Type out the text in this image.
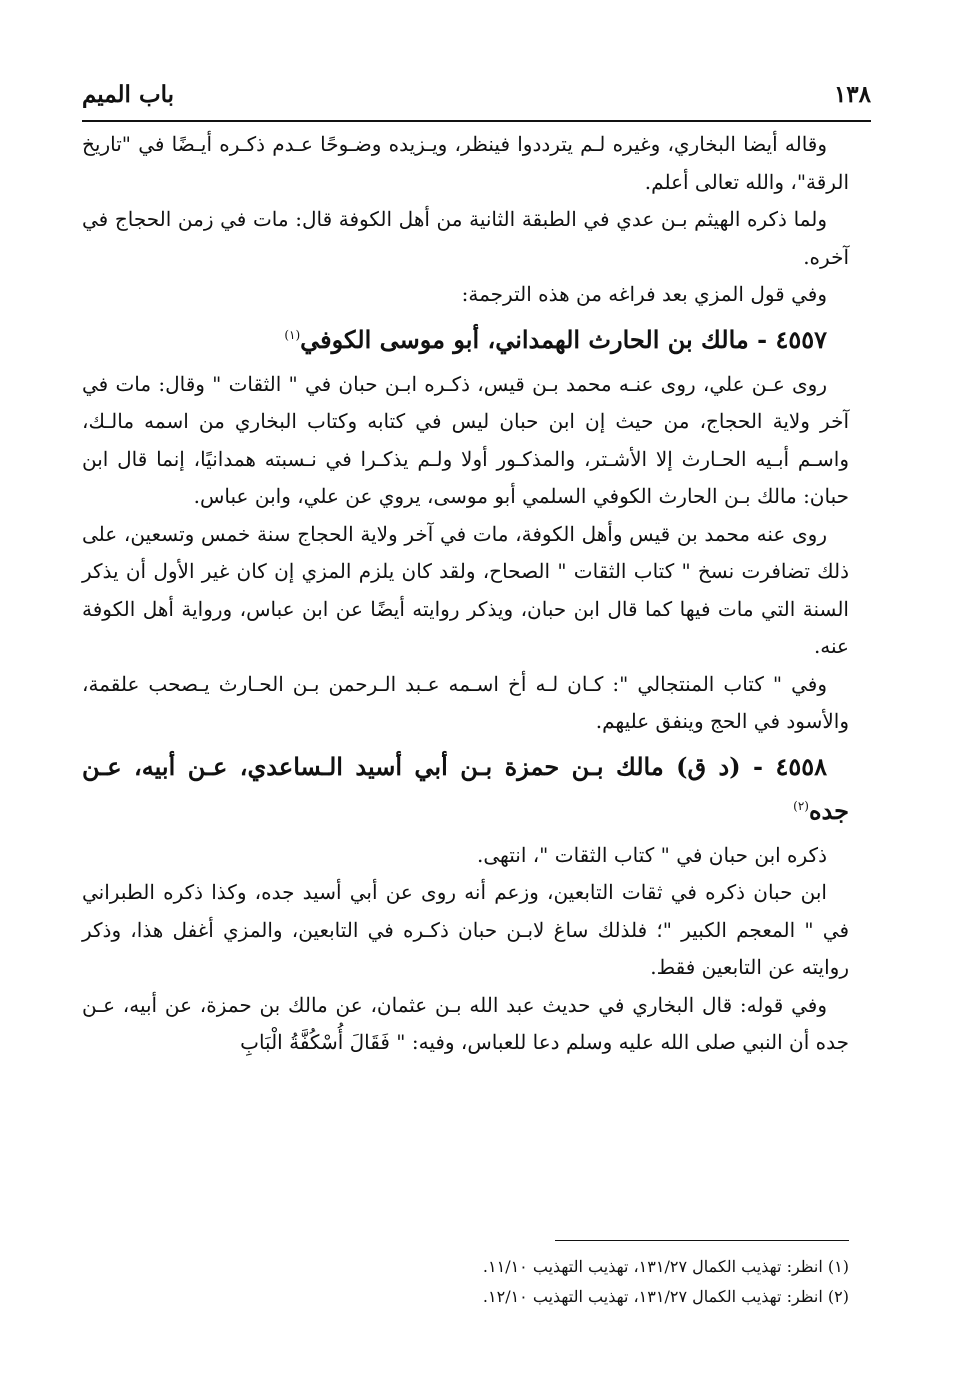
١٣٨
باب الميم

وقاله أيضا البخاري، وغيره لـم يترددوا فينظر، ويـزيده وضـوحًا عـدم ذكـره أيـضًا في "تاريخ الرقة"، والله تعالى أعلم.

ولما ذكره الهيثم بـن عدي في الطبقة الثانية من أهل الكوفة قال: مات في زمن الحجاج في آخره.

وفي قول المزي بعد فراغه من هذه الترجمة:

٤٥٥٧ - مالك بن الحارث الهمداني، أبو موسى الكوفي$^{(١)}$

روى عـن علي، روى عنـه محمد بـن قيس، ذكـره ابـن حبان في " الثقات " وقال: مات في آخر ولاية الحجاج، من حيث إن ابن حبان ليس في كتابه وكتاب البخاري من اسمه مالـك، واسـم أبـيه الحـارث إلا الأشـتر، والمذكـور أولا ولـم يذكـرا في نـسبته همدانيًا، إنما قال ابن حبان: مالك بـن الحارث الكوفي السلمي أبو موسى، يروي عن علي، وابن عباس.

روى عنه محمد بن قيس وأهل الكوفة، مات في آخر ولاية الحجاج سنة خمس وتسعين، على ذلك تضافرت نسخ " كتاب الثقات " الصحاح، ولقد كان يلزم المزي إن كان غير الأول أن يذكر السنة التي مات فيها كما قال ابن حبان، ويذكر روايته أيضًا عن ابن عباس، ورواية أهل الكوفة عنه.

وفي " كتاب المنتجالي ": كـان لـه أخ اسـمه عـبد الـرحمن بـن الحـارث يـصحب علقمة، والأسود في الحج وينفق عليهم.

٤٥٥٨ - (د ق) مالك بـن حمزة بـن أبي أسيد الـساعدي، عـن أبيه، عـن جده$^{(٢)}$

ذكره ابن حبان في " كتاب الثقات "، انتهى.

ابن حبان ذكره في ثقات التابعين، وزعم أنه روى عن أبي أسيد جده، وكذا ذكره الطبراني في " المعجم الكبير "؛ فلذلك ساغ لابـن حبان ذكـره في التابعين، والمزي أغفل هذا، وذكر روايته عن التابعين فقط.

وفي قوله: قال البخاري في حديث عبد الله بـن عثمان، عن مالك بن حمزة، عن أبيه، عـن جده أن النبي صلى الله عليه وسلم دعا للعباس، وفيه: " فَقَالَ أُسْكُفَّةُ الْبَابِ

(١) انظر: تهذيب الكمال ١٣١/٢٧، تهذيب التهذيب ١١/١٠.
(٢) انظر: تهذيب الكمال ١٣١/٢٧، تهذيب التهذيب ١٢/١٠.
